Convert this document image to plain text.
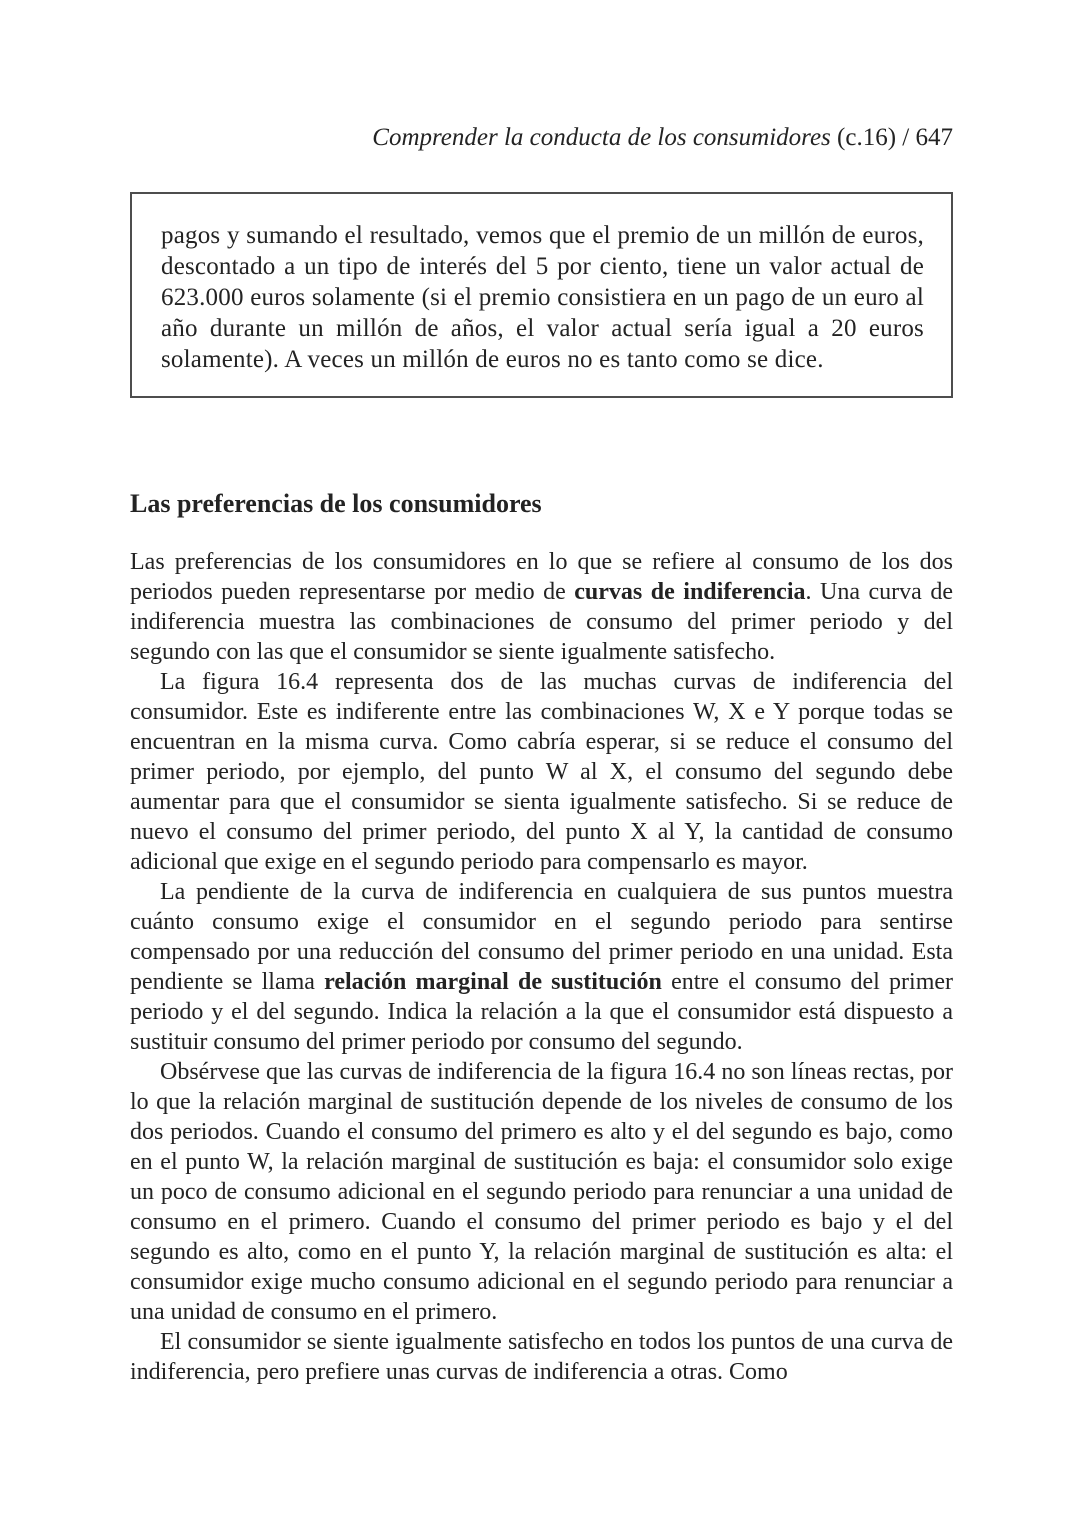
Comprender la conducta de los consumidores (c.16) / 647

pagos y sumando el resultado, vemos que el premio de un millón de euros, descontado a un tipo de interés del 5 por ciento, tiene un valor actual de 623.000 euros solamente (si el premio consistiera en un pago de un euro al año durante un millón de años, el valor actual sería igual a 20 euros solamente). A veces un millón de euros no es tanto como se dice.

Las preferencias de los consumidores

Las preferencias de los consumidores en lo que se refiere al consumo de los dos periodos pueden representarse por medio de curvas de indiferencia. Una curva de indiferencia muestra las combinaciones de consumo del primer periodo y del segundo con las que el consumidor se siente igualmente satisfecho.

La figura 16.4 representa dos de las muchas curvas de indiferencia del consumidor. Este es indiferente entre las combinaciones W, X e Y porque todas se encuentran en la misma curva. Como cabría esperar, si se reduce el consumo del primer periodo, por ejemplo, del punto W al X, el consumo del segundo debe aumentar para que el consumidor se sienta igualmente satisfecho. Si se reduce de nuevo el consumo del primer periodo, del punto X al Y, la cantidad de consumo adicional que exige en el segundo periodo para compensarlo es mayor.

La pendiente de la curva de indiferencia en cualquiera de sus puntos muestra cuánto consumo exige el consumidor en el segundo periodo para sentirse compensado por una reducción del consumo del primer periodo en una unidad. Esta pendiente se llama relación marginal de sustitución entre el consumo del primer periodo y el del segundo. Indica la relación a la que el consumidor está dispuesto a sustituir consumo del primer periodo por consumo del segundo.

Obsérvese que las curvas de indiferencia de la figura 16.4 no son líneas rectas, por lo que la relación marginal de sustitución depende de los niveles de consumo de los dos periodos. Cuando el consumo del primero es alto y el del segundo es bajo, como en el punto W, la relación marginal de sustitución es baja: el consumidor solo exige un poco de consumo adicional en el segundo periodo para renunciar a una unidad de consumo en el primero. Cuando el consumo del primer periodo es bajo y el del segundo es alto, como en el punto Y, la relación marginal de sustitución es alta: el consumidor exige mucho consumo adicional en el segundo periodo para renunciar a una unidad de consumo en el primero.

El consumidor se siente igualmente satisfecho en todos los puntos de una curva de indiferencia, pero prefiere unas curvas de indiferencia a otras. Como
